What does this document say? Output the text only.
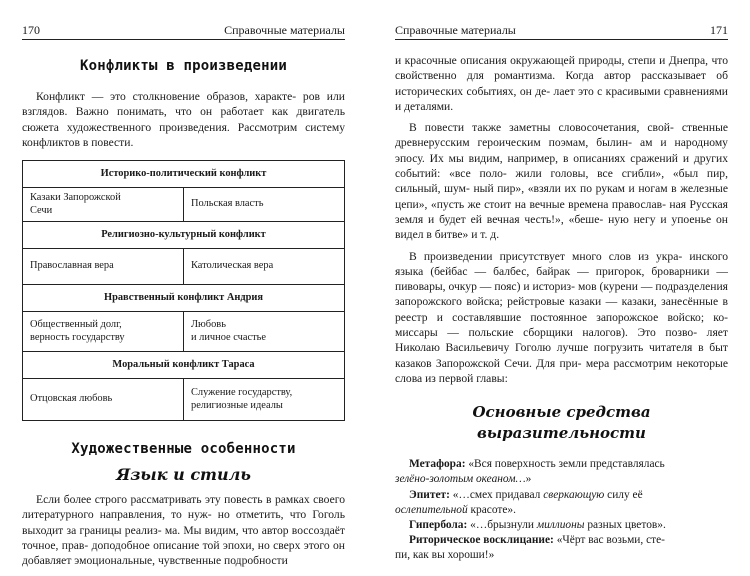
170	Справочные материалы
Конфликты в произведении

Конфликт — это столкновение образов, характе- ров или взглядов. Важно понимать, что он работает как двигатель сюжета художественного произведения. Рассмотрим систему конфликтов в повести.

Историко-политический конфликт	
Казаки Запорожской
Сечи	Польская власть
Религиозно-культурный конфликт	
Православная вера	Католическая вера
Нравственный конфликт Андрия	
Общественный долг,
верность государству	Любовь
и личное счастье
Моральный конфликт Тараса	
Отцовская любовь	Служение государству,
религиозные идеалы
Художественные особенности
Язык и стиль

Если более строго рассматривать эту повесть в рамках своего литературного направления, то нуж- но отметить, что Гоголь выходит за границы реализ- ма. Мы видим, что автор воссоздаёт точное, прав- доподобное описание той эпохи, но сверх этого он добавляет эмоциональные, чувственные подробности

Справочные материалы	171

и красочные описания окружающей природы, степи и Днепра, что свойственно для романтизма. Когда автор рассказывает об исторических событиях, он де- лает это с красивыми сравнениями и деталями.

В повести также заметны словосочетания, свой- ственные древнерусским героическим поэмам, былин- ам и народному эпосу. Их мы видим, например, в описаниях сражений и других событий: «все поло- жили головы, все сгибли», «был пир, сильный, шум- ный пир», «взяли их по рукам и ногам в железные цепи», «пусть же стоит на вечные времена православ- ная Русская земля и будет ей вечная честь!», «беше- ную негу и упоенье он видел в битве» и т. д.

В произведении присутствует много слов из укра- инского языка (бейбас — балбес, байрак — пригорок, броварники — пивовары, очкур — пояс) и историз- мов (курени — подразделения запорожского войска; рейстровые казаки — казаки, занесённые в реестр и составлявшие постоянное запорожское войско; ко- миссары — польские сборщики налогов). Это позво- ляет Николаю Васильевичу Гоголю лучше погрузить читателя в быт казаков Запорожской Сечи. Для при- мера рассмотрим некоторые слова из первой главы:

Основные средства
выразительности

Метафора: «Вся поверхность земли представлялась
зелёно-золотым океаном…»

Эпитет: «…смех придавал сверкающую силу её
ослепительной красоте».

Гипербола: «…брызнули миллионы разных цветов».

Риторическое восклицание: «Чёрт вас возьми, сте-
пи, как вы хороши!»
